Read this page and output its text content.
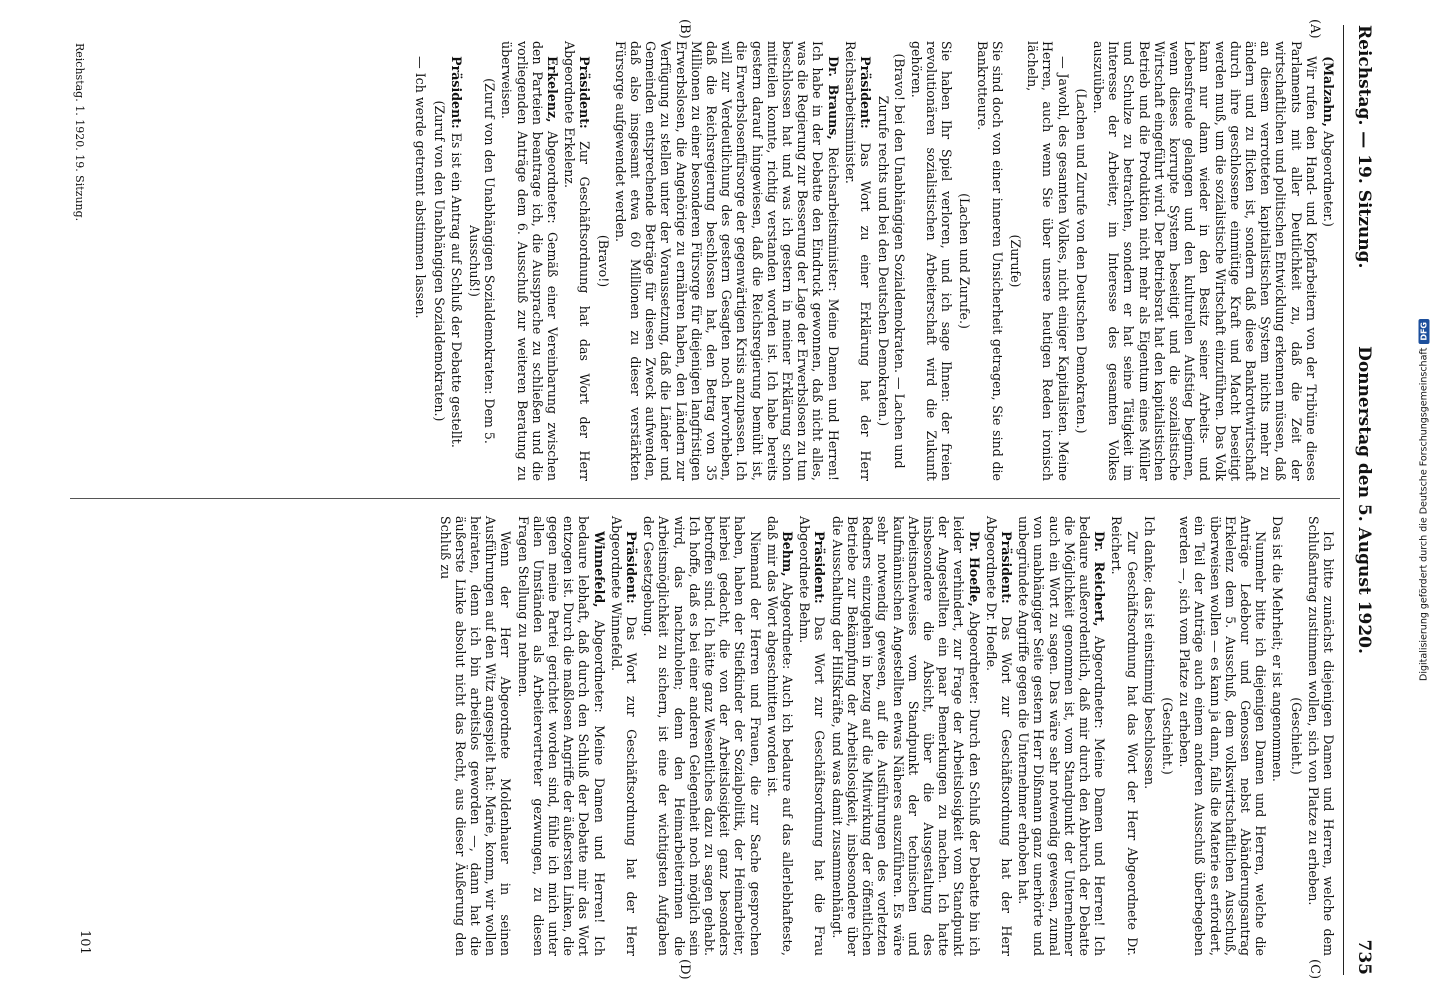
Reichstag. — 19. Sitzung.
Donnerstag den 5. August 1920.
735
(A)
(B)
(C)
(D)

(Malzahn, Abgeordneter.)

Wir rufen den Hand- und Kopfarbeitern von der Tribüne dieses Parlaments mit aller Deutlichkeit zu, daß die Zeit der wirtschaftlichen und politischen Entwicklung erkennen müssen, daß an diesem verrotteten kapitalistischen System nichts mehr zu ändern und zu flicken ist, sondern daß diese Bankrottwirtschaft durch ihre geschlossene einmütige Kraft und Macht beseitigt werden muß, um die sozialistische Wirtschaft einzuführen. Das Volk kann nur dann wieder in den Besitz seiner Arbeits- und Lebensfreude gelangen und den kulturellen Aufstieg beginnen, wenn dieses korrupte System beseitigt und die sozialistische Wirtschaft eingeführt wird. Der Betriebsrat hat den kapitalistischen Betrieb und die Produktion nicht mehr als Eigentum eines Müller und Schulze zu betrachten, sondern er hat seine Tätigkeit im Interesse der Arbeiter, im Interesse des gesamten Volkes auszuüben.

(Lachen und Zurufe von den Deutschen Demokraten.)

— Jawohl, des gesamten Volkes, nicht einiger Kapitalisten. Meine Herren, auch wenn Sie über unsere heutigen Reden ironisch lächeln,

(Zurufe)

Sie sind doch von einer inneren Unsicherheit getragen, Sie sind die Bankrotteure.

(Lachen und Zurufe.)

Sie haben Ihr Spiel verloren, und ich sage Ihnen: der freien revolutionären sozialistischen Arbeiterschaft wird die Zukunft gehören.

(Bravo! bei den Unabhängigen Sozialdemokraten. — Lachen und Zurufe rechts und bei den Deutschen Demokraten.)

Präsident: Das Wort zu einer Erklärung hat der Herr Reichsarbeitsminister.

Dr. Brauns, Reichsarbeitsminister: Meine Damen und Herren! Ich habe in der Debatte den Eindruck gewonnen, daß nicht alles, was die Regierung zur Besserung der Lage der Erwerbslosen zu tun beschlossen hat und was ich gestern in meiner Erklärung schon mitteilen konnte, richtig verstanden worden ist. Ich habe bereits gestern darauf hingewiesen, daß die Reichsregierung bemüht ist, die Erwerbslosenfürsorge der gegenwärtigen Krisis anzupassen. Ich will zur Verdeutlichung des gestern Gesagten noch hervorheben, daß die Reichsregierung beschlossen hat, den Betrag von 35 Millionen zu einer besonderen Fürsorge für diejenigen langfristigen Erwerbslosen, die Angehörige zu ernähren haben, den Ländern zur Verfügung zu stellen unter der Voraussetzung, daß die Länder und Gemeinden entsprechende Beträge für diesen Zweck aufwenden, daß also insgesamt etwa 60 Millionen zu dieser verstärkten Fürsorge aufgewendet werden.

(Bravo!)

Präsident: Zur Geschäftsordnung hat das Wort der Herr Abgeordnete Erkelenz.

Erkelenz, Abgeordneter: Gemäß einer Vereinbarung zwischen den Parteien beantrage ich, die Aussprache zu schließen und die vorliegenden Anträge dem 6. Ausschuß zur weiteren Beratung zu überweisen.

(Zuruf von den Unabhängigen Sozialdemokraten: Dem 5. Ausschuß!)

Präsident: Es ist ein Antrag auf Schluß der Debatte gestellt.

(Zuruf von den Unabhängigen Sozialdemokraten.)

— Ich werde getrennt abstimmen lassen.

Ich bitte zunächst diejenigen Damen und Herren, welche dem Schlußantrag zustimmen wollen, sich von Platze zu erheben.

(Geschieht.)

Das ist die Mehrheit; er ist angenommen.

Nunmehr bitte ich diejenigen Damen und Herren, welche die Anträge Ledebour und Genossen nebst Abänderungsantrag Erkelenz dem 5. Ausschuß, dem volkswirtschaftlichen Ausschuß, überweisen wollen — es kann ja dann, falls die Materie es erfordert, ein Teil der Anträge auch einem anderen Ausschuß überbegeben werden —, sich vom Platze zu erheben.

(Geschieht.)

Ich danke; das ist einstimmig beschlossen.

Zur Geschäftsordnung hat das Wort der Herr Abgeordnete Dr. Reichert.

Dr. Reichert, Abgeordneter: Meine Damen und Herren! Ich bedaure außerordentlich, daß mir durch den Abbruch der Debatte die Möglichkeit genommen ist, vom Standpunkt der Unternehmer auch ein Wort zu sagen. Das wäre sehr notwendig gewesen, zumal von unabhängiger Seite gestern Herr Dißmann ganz unerhörte und unbegründete Angriffe gegen die Unternehmer erhoben hat.

Präsident: Das Wort zur Geschäftsordnung hat der Herr Abgeordnete Dr. Hoefle.

Dr. Hoefle, Abgeordneter: Durch den Schluß der Debatte bin ich leider verhindert, zur Frage der Arbeitslosigkeit vom Standpunkt der Angestellten ein paar Bemerkungen zu machen. Ich hatte insbesondere die Absicht, über die Ausgestaltung des Arbeitsnachweises vom Standpunkt der technischen und kaufmännischen Angestellten etwas Näheres auszuführen. Es wäre sehr notwendig gewesen, auf die Ausführungen des vorletzten Redners einzugehen in bezug auf die Mitwirkung der öffentlichen Betriebe zur Bekämpfung der Arbeitslosigkeit, insbesondere über die Ausschaltung der Hilfskräfte, und was damit zusammenhängt.

Präsident: Das Wort zur Geschäftsordnung hat die Frau Abgeordnete Behm.

Behm, Abgeordnete: Auch ich bedaure auf das allerlebhafteste, daß mir das Wort abgeschnitten worden ist.

Niemand der Herren und Frauen, die zur Sache gesprochen haben, haben der Stiefkinder der Sozialpolitik, der Heimarbeiter, hierbei gedacht, die von der Arbeitslosigkeit ganz besonders betroffen sind. Ich hätte ganz Wesentliches dazu zu sagen gehabt. Ich hoffe, daß es bei einer anderen Gelegenheit noch möglich sein wird, das nachzuholen; denn den Heimarbeiterinnen die Arbeitsmöglichkeit zu sichern, ist eine der wichtigsten Aufgaben der Gesetzgebung.

Präsident: Das Wort zur Geschäftsordnung hat der Herr Abgeordnete Winnefeld.

Winnefeld, Abgeordneter: Meine Damen und Herren! Ich bedaure lebhaft, daß durch den Schluß der Debatte mir das Wort entzogen ist. Durch die maßlosen Angriffe der äußersten Linken, die gegen meine Partei gerichtet worden sind, fühle ich mich unter allen Umständen als Arbeitervertreter gezwungen, zu diesen Fragen Stellung zu nehmen.

Wenn der Herr Abgeordnete Moldenhauer in seinen Ausführungen auf den Witz angespielt hat: Marie, komm, wir wollen heiraten, denn ich bin arbeitslos geworden —, dann hat die äußerste Linke absolut nicht das Recht, aus dieser Äußerung den Schluß zu

Reichstag. 1. 1920. 19. Sitzung.
101
Digitalisierung gefördert durch die Deutsche Forschungsgemeinschaft
DFG
